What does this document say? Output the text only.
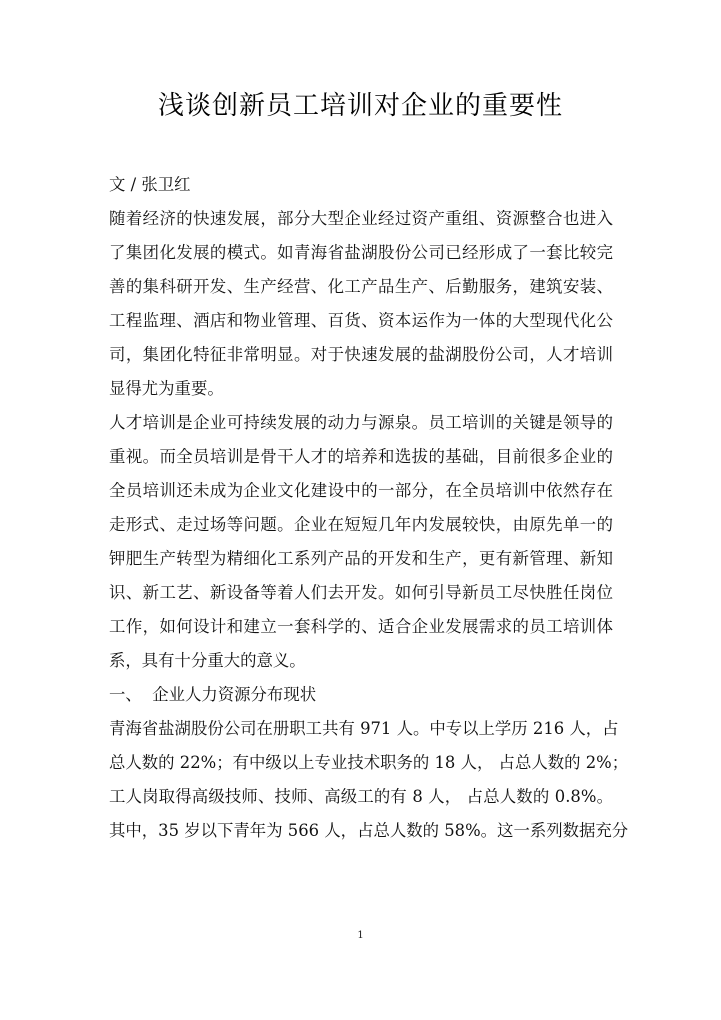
浅谈创新员工培训对企业的重要性
文 / 张卫红
随着经济的快速发展，部分大型企业经过资产重组、资源整合也进入
了集团化发展的模式。如青海省盐湖股份公司已经形成了一套比较完
善的集科研开发、生产经营、化工产品生产、后勤服务，建筑安装、
工程监理、酒店和物业管理、百货、资本运作为一体的大型现代化公
司，集团化特征非常明显。对于快速发展的盐湖股份公司，人才培训
显得尤为重要。
人才培训是企业可持续发展的动力与源泉。员工培训的关键是领导的
重视。而全员培训是骨干人才的培养和选拔的基础，目前很多企业的
全员培训还未成为企业文化建设中的一部分，在全员培训中依然存在
走形式、走过场等问题。企业在短短几年内发展较快，由原先单一的
钾肥生产转型为精细化工系列产品的开发和生产，更有新管理、新知
识、新工艺、新设备等着人们去开发。如何引导新员工尽快胜任岗位
工作，如何设计和建立一套科学的、适合企业发展需求的员工培训体
系，具有十分重大的意义。
一、  企业人力资源分布现状
青海省盐湖股份公司在册职工共有 971 人。中专以上学历 216 人，占
总人数的 22%；有中级以上专业技术职务的 18 人， 占总人数的 2%；
工人岗取得高级技师、技师、高级工的有 8 人， 占总人数的 0.8%。
其中，35 岁以下青年为 566 人，占总人数的 58%。这一系列数据充分
1
